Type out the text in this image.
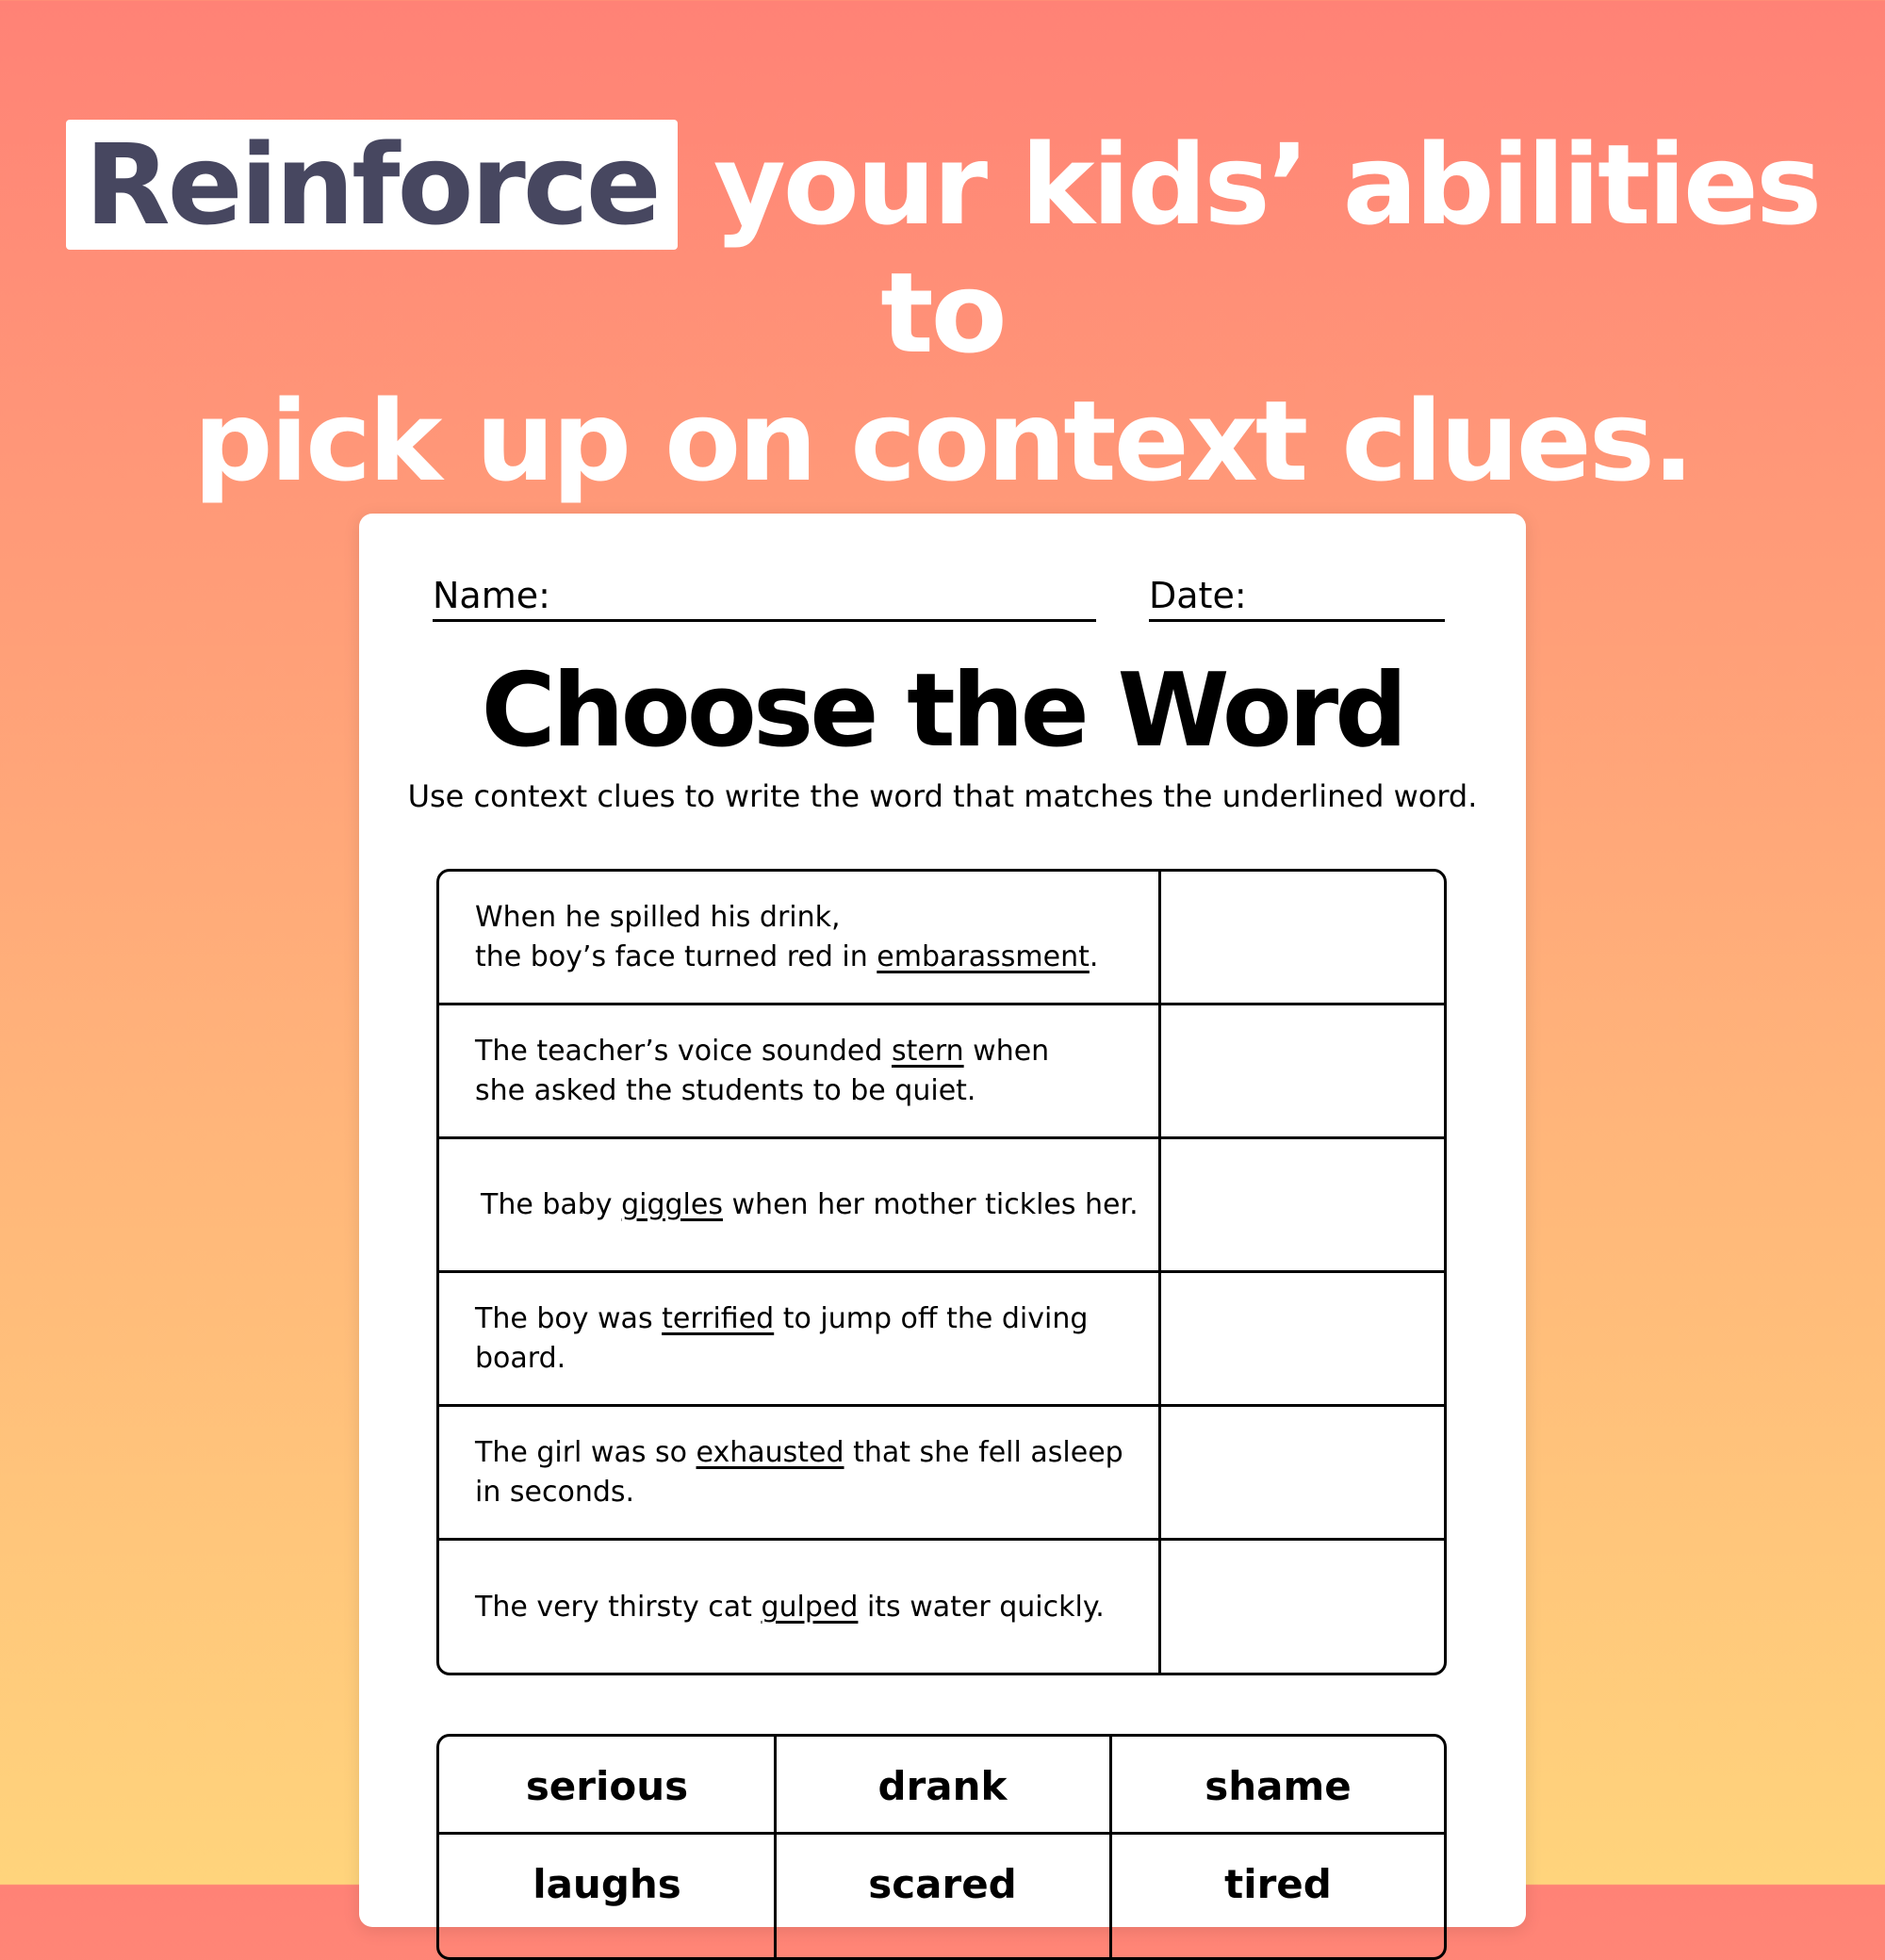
Reinforce your kids’ abilities to
pick up on context clues.
Name:	Date:
Choose the Word
Use context clues to write the word that matches the underlined word.
When he spilled his drink,
the boy’s face turned red in embarassment.
The teacher’s voice sounded stern when
she asked the students to be quiet.
The baby giggles when her mother tickles her.
The boy was terrified to jump off the diving
board.
The girl was so exhausted that she fell asleep
in seconds.
The very thirsty cat gulped its water quickly.
serious	drank	shame
laughs	scared	tired
